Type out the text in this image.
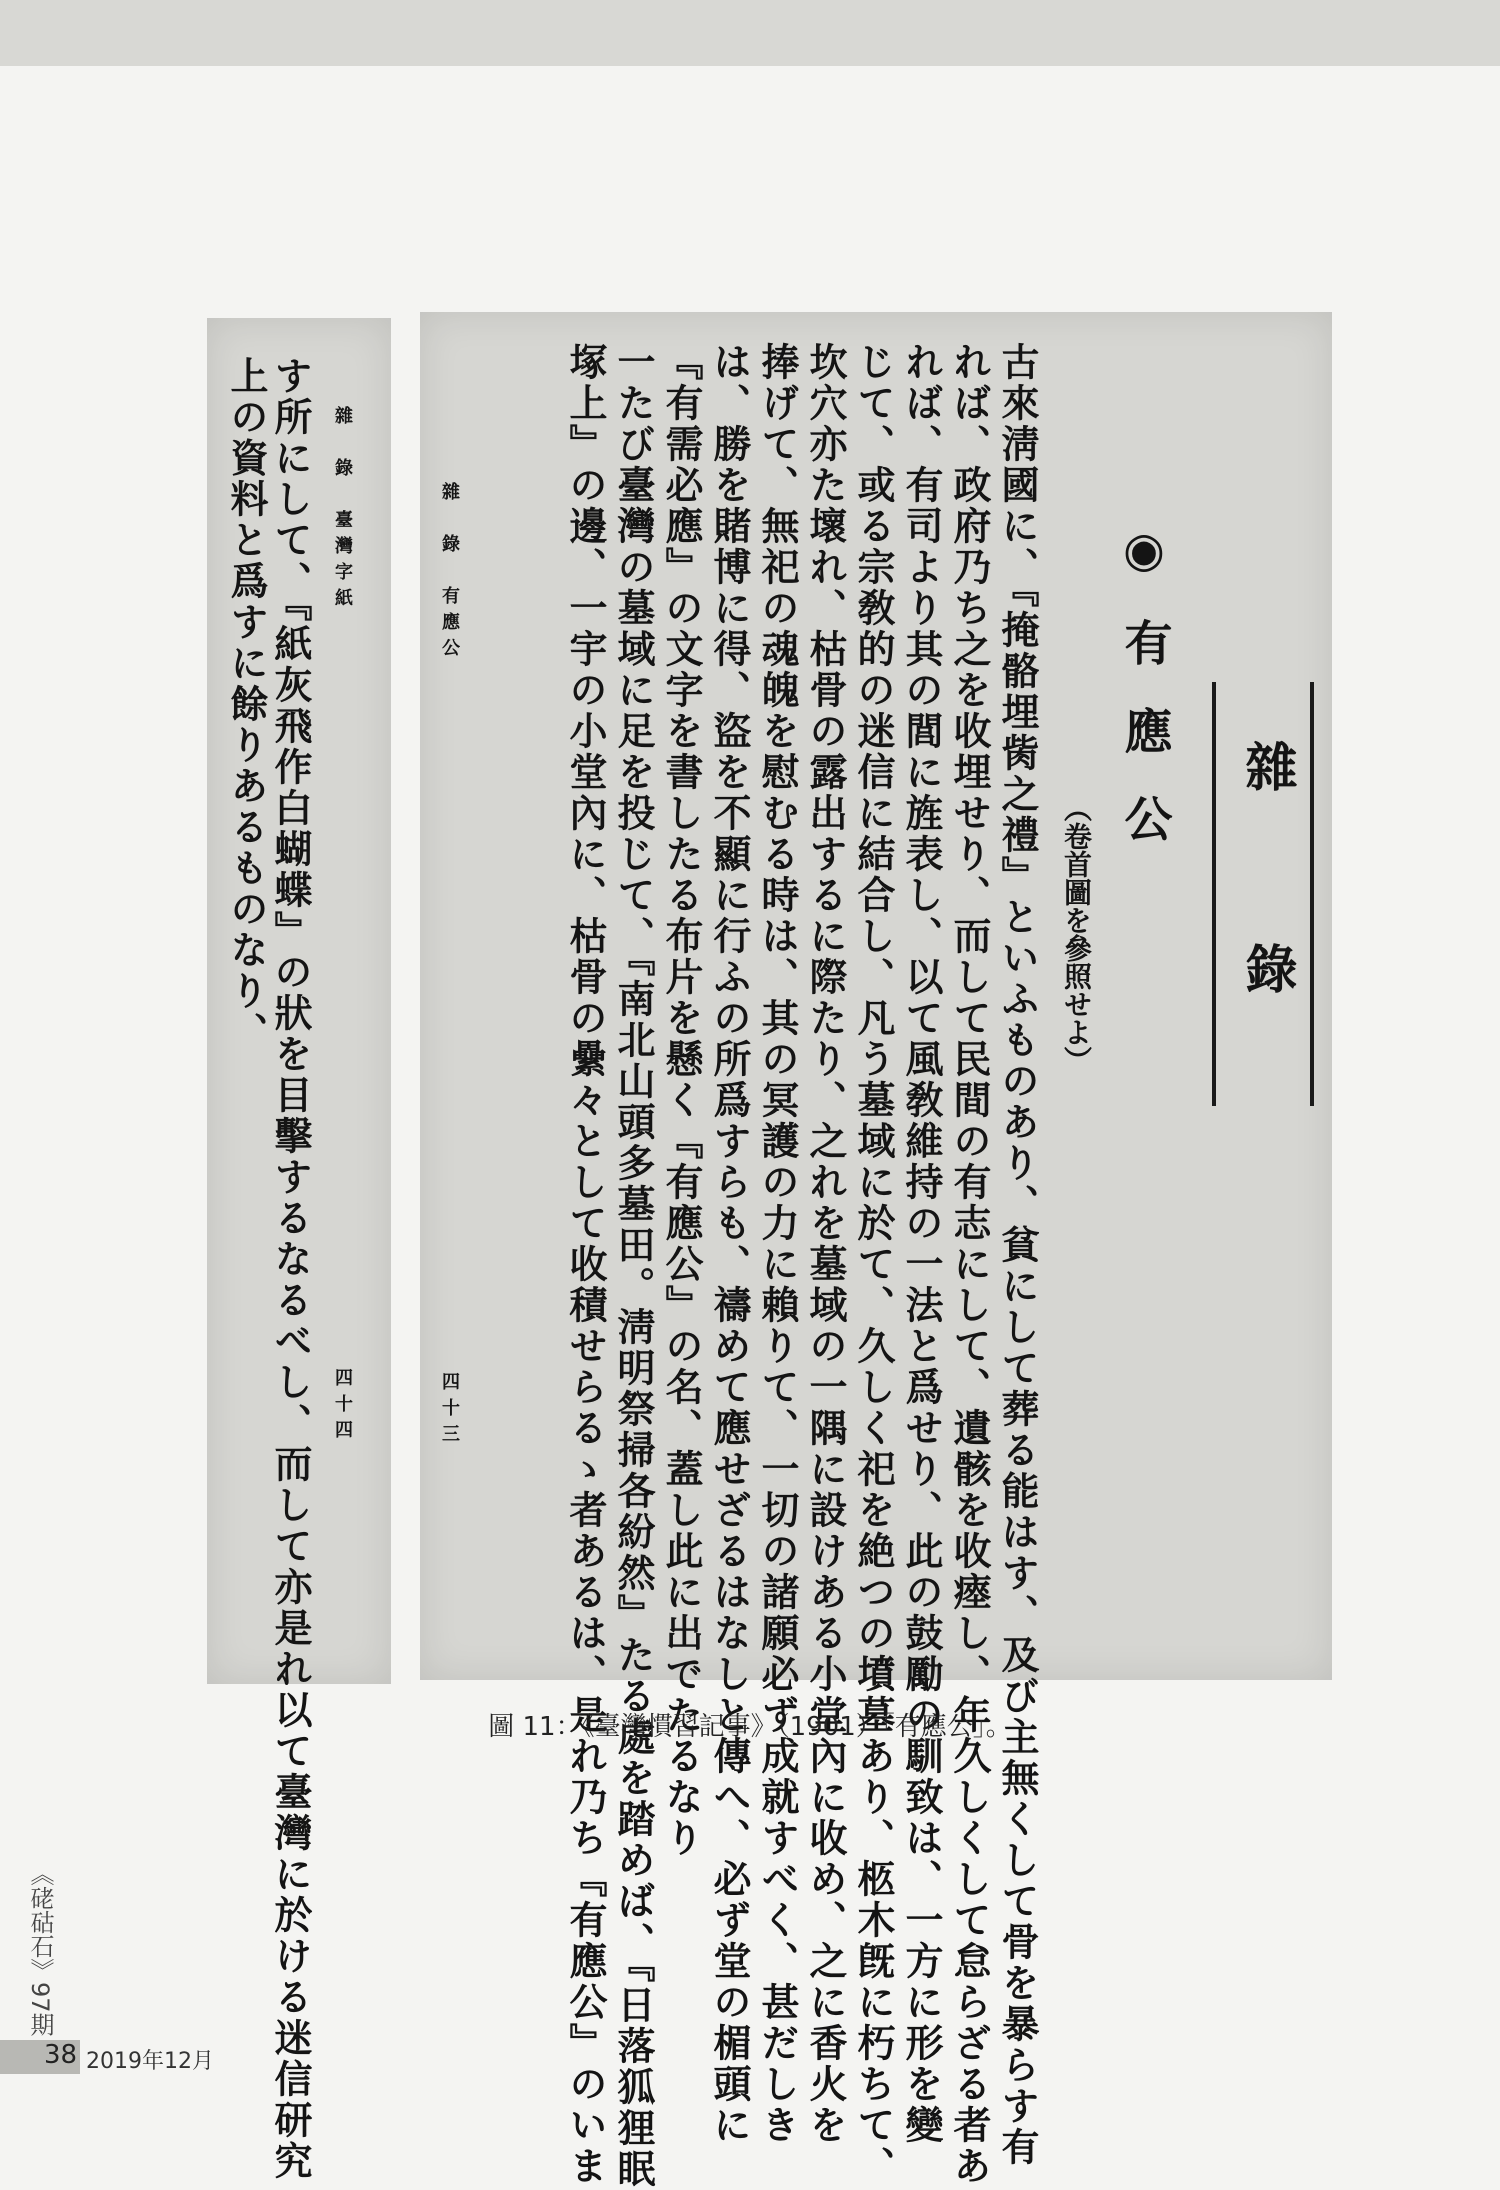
雜　錄　臺灣字紙
四十四
す所にして、『紙灰飛作白蝴蝶』の狀を目擊するなるべし、而して亦是れ以て臺灣に於ける迷信研究
上の資料と爲すに餘りあるものなり、	雜錄
◉有應公
（卷首圖を參照せよ）
古來淸國に、『掩骼埋胔之禮』といふものあり、貧にして葬る能はす、及び主無くして骨を暴らす有
れば、政府乃ち之を收埋せり、而して民間の有志にして、遺骸を收瘞し、年久しくして怠らざる者あ
れば、有司より其の閭に旌表し、以て風敎維持の一法と爲せり、此の鼓勵の馴致は、一方に形を變
じて、或る宗敎的の迷信に結合し、凡う墓域に於て、久しく祀を絶つの墳墓あり、柩木旣に朽ちて、
坎穴亦た壞れ、枯骨の露出するに際たり、之れを墓域の一隅に設けある小堂內に收め、之に香火を
捧げて、無祀の魂魄を慰むる時は、其の冥護の力に賴りて、一切の諸願必ず成就すべく、甚だしき
は、勝を賭博に得、盜を不顯に行ふの所爲すらも、禱めて應せざるはなしと傳へ、必ず堂の楣頭に
『有需必應』の文字を書したる布片を懸く『有應公』の名、蓋し此に出でたるなり
一たび臺灣の墓域に足を投じて、『南北山頭多墓田。淸明祭掃各紛然』たる處を踏めば、『日落狐狸眠
塚上』の邊、一宇の小堂內に、枯骨の纍々として收積せらるゝ者あるは、是れ乃ち『有應公』のいま
雜　錄　有應公
四十三
圖 11：《臺灣慣習記事》（1901）「有應公」。
《硓𥑮石》97期
38 2019年12月
